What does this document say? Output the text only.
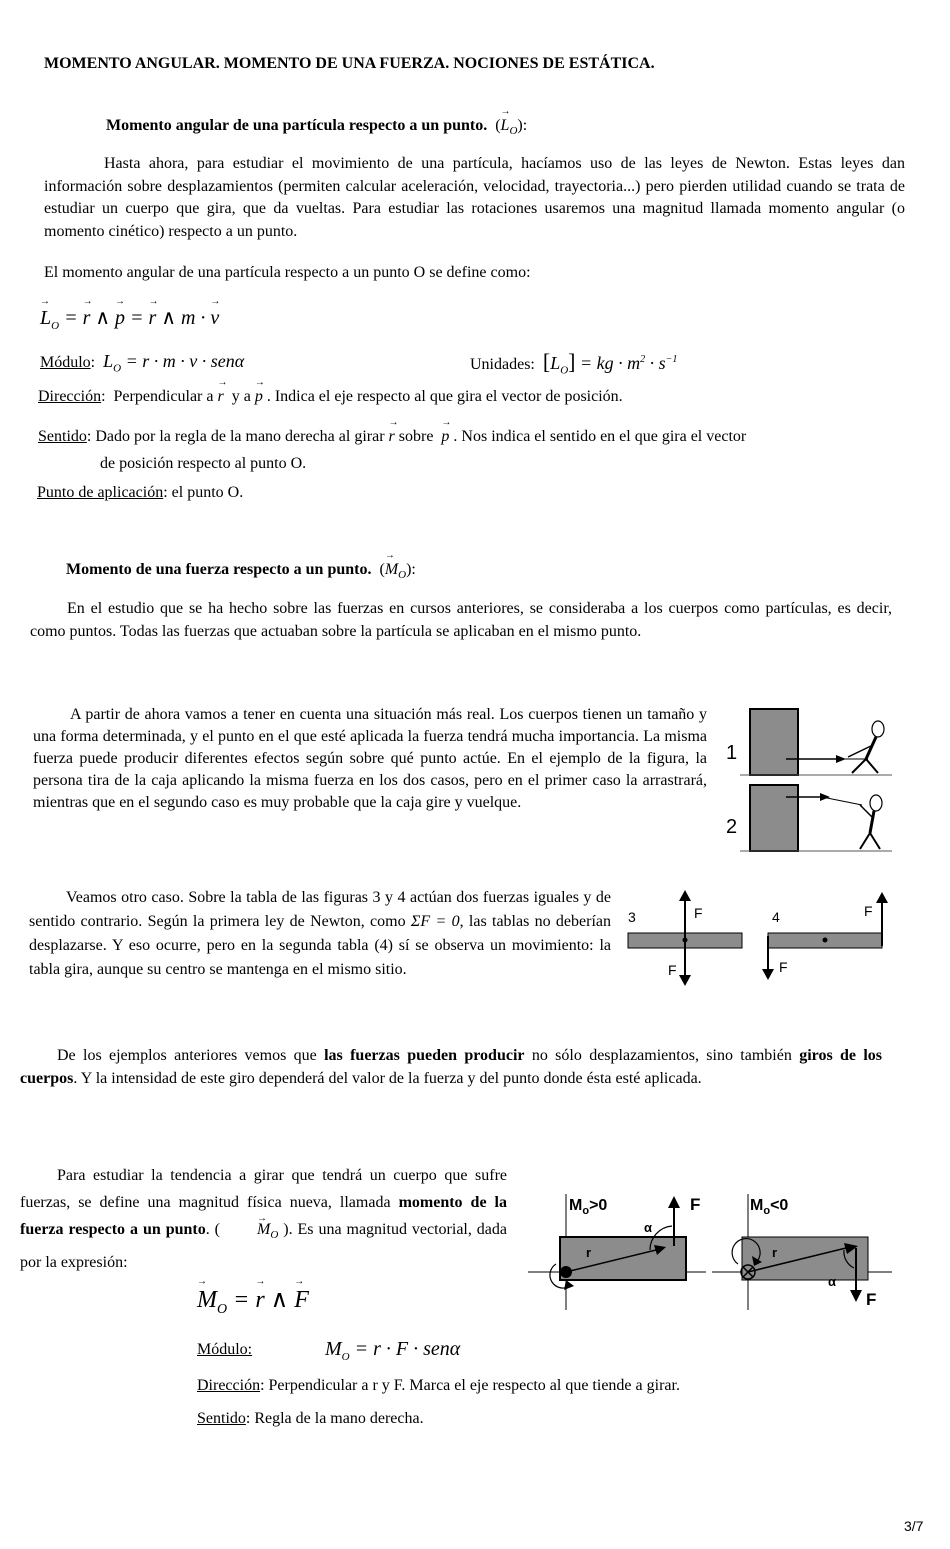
MOMENTO ANGULAR. MOMENTO DE UNA FUERZA. NOCIONES DE ESTÁTICA.
Momento angular de una partícula respecto a un punto.  (→ $L_O$):
Hasta ahora, para estudiar el movimiento de una partícula, hacíamos uso de las leyes de Newton. Estas leyes dan información sobre desplazamientos (permiten calcular aceleración, velocidad, trayectoria...) pero pierden utilidad cuando se trata de estudiar un cuerpo que gira, que da vueltas. Para estudiar las rotaciones usaremos una magnitud llamada momento angular (o momento cinético) respecto a un punto.
El momento angular de una partícula respecto a un punto O se define como:
→ $L_O$ = → r ∧ → p = → r ∧ m · → v
Módulo:  $L_O = r \cdot m \cdot v \cdot sen\alpha$	Unidades: $[L_O]$ = kg · $m^2 \cdot s^{-1}$
Dirección:  Perpendicular a → r y a → p . Indica el eje respecto al que gira el vector de posición.
Sentido: Dado por la regla de la mano derecha al girar → r sobre → p . Nos indica el sentido en el que gira el vector
de posición respecto al punto O.
Punto de aplicación: el punto O.
Momento de una fuerza respecto a un punto.  (→ $M_O$):
En el estudio que se ha hecho sobre las fuerzas en cursos anteriores, se consideraba a los cuerpos como partículas, es decir, como puntos. Todas las fuerzas que actuaban sobre la partícula se aplicaban en el mismo punto.
A partir de ahora vamos a tener en cuenta una situación más real. Los cuerpos tienen un tamaño y una forma determinada, y el punto en el que esté aplicada la fuerza tendrá mucha importancia. La misma fuerza puede producir diferentes efectos según sobre qué punto actúe. En el ejemplo de la figura, la persona tira de la caja aplicando la misma fuerza en los dos casos, pero en el primer caso la arrastrará, mientras que en el segundo caso es muy probable que la caja gire y vuelque.
1
2
Veamos otro caso. Sobre la tabla de las figuras 3 y 4 actúan dos fuerzas iguales y de sentido contrario. Según la primera ley de Newton, como ΣF = 0, las tablas no deberían desplazarse. Y eso ocurre, pero en la segunda tabla (4) sí se observa un movimiento: la tabla gira, aunque su centro se mantenga en el mismo sitio.
3	F
F
4	F
F
De los ejemplos anteriores vemos que las fuerzas pueden producir no sólo desplazamientos, sino también giros de los cuerpos. Y la intensidad de este giro dependerá del valor de la fuerza y del punto donde ésta esté aplicada.
Para estudiar la tendencia a girar que tendrá un cuerpo que sufre fuerzas, se define una magnitud física nueva, llamada momento de la fuerza respecto a un punto. ( → $M_O$ ). Es una magnitud vectorial, dada por la expresión:
$M_o>0$
r
F
α
$M_o<0$
r
F
α
→ $M_O$ = → r ∧ → F
Módulo:	$M_O = r \cdot F \cdot sen\alpha$
Dirección: Perpendicular a r y F. Marca el eje respecto al que tiende a girar.
Sentido: Regla de la mano derecha.
3/7
